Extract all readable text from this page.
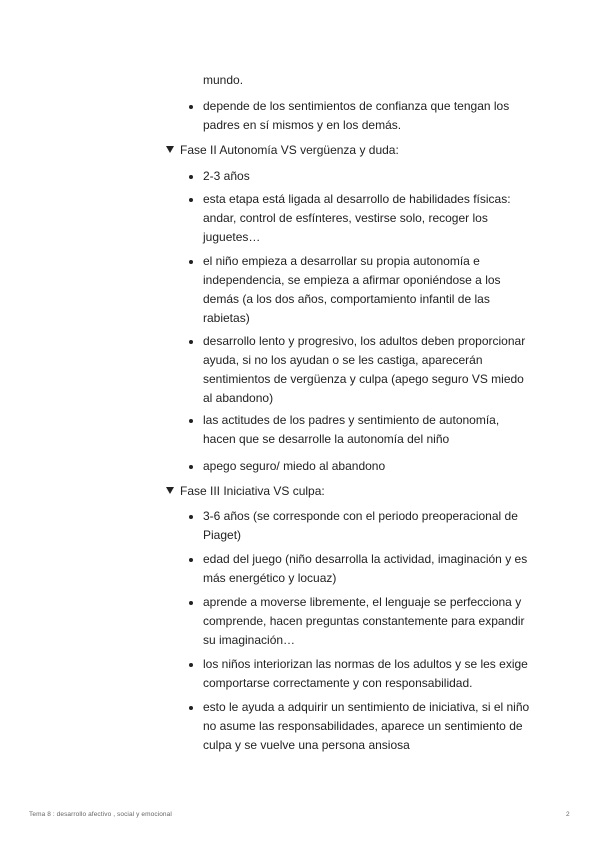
mundo.
depende de los sentimientos de confianza que tengan los padres en sí mismos y en los demás.
Fase II Autonomía VS vergüenza y duda:
2-3 años
esta etapa está ligada al desarrollo de habilidades físicas: andar, control de esfínteres, vestirse solo, recoger los juguetes…
el niño empieza a desarrollar su propia autonomía e independencia, se empieza a afirmar oponiéndose a los demás (a los dos años, comportamiento infantil de las rabietas)
desarrollo lento y progresivo, los adultos deben proporcionar ayuda, si no los ayudan o se les castiga, aparecerán sentimientos de vergüenza y culpa (apego seguro VS miedo al abandono)
las actitudes de los padres y sentimiento de autonomía, hacen que se desarrolle la autonomía del niño
apego seguro/ miedo al abandono
Fase III Iniciativa VS culpa:
3-6 años (se corresponde con el periodo preoperacional de Piaget)
edad del juego (niño desarrolla la actividad, imaginación y es más energético y locuaz)
aprende a moverse libremente, el lenguaje se perfecciona y comprende, hacen preguntas constantemente para expandir su imaginación…
los niños interiorizan las normas de los adultos y se les exige comportarse correctamente y con responsabilidad.
esto le ayuda a adquirir un sentimiento de iniciativa, si el niño no asume las responsabilidades, aparece un sentimiento de culpa y se vuelve una persona ansiosa
Tema 8 : desarrollo afectivo , social y emocional	2
